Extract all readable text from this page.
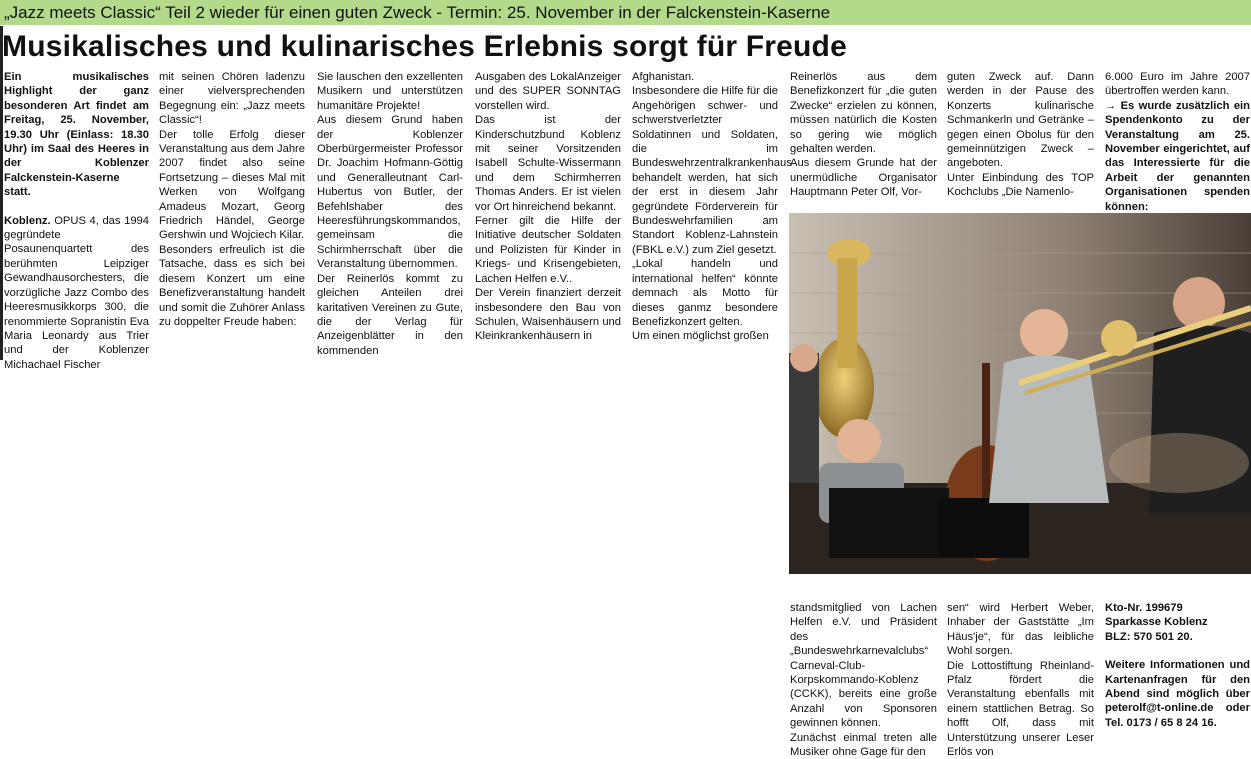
„Jazz meets Classic“ Teil 2 wieder für einen guten Zweck - Termin: 25. November in der Falckenstein-Kaserne
Musikalisches und kulinarisches Erlebnis sorgt für Freude

Ein musikalisches Highlight der ganz besonderen Art findet am Freitag, 25. November, 19.30 Uhr (Einlass: 18.30 Uhr) im Saal des Heeres in der Koblenzer Falckenstein-Kaserne statt.

Koblenz. OPUS 4, das 1994 gegründete Posaunenquartett des berühmten Leipziger Gewandhausorchesters, die vorzügliche Jazz Combo des Heeresmusikkorps 300, die renommierte Sopranistin Eva Maria Leonardy aus Trier und der Koblenzer Michachael Fischer

mit seinen Chören ladenzu einer vielversprechenden Begegnung ein: „Jazz meets Classic“!

Der tolle Erfolg dieser Veranstaltung aus dem Jahre 2007 findet also seine Fortsetzung – dieses Mal mit Werken von Wolfgang Amadeus Mozart, Georg Friedrich Händel, George Gershwin und Wojciech Kilar.

Besonders erfreulich ist die Tatsache, dass es sich bei diesem Konzert um eine Benefizveranstaltung handelt und somit die Zuhörer Anlass zu doppelter Freude haben:

Sie lauschen den exzellenten Musikern und unterstützen humanitäre Projekte!

Aus diesem Grund haben der Koblenzer Oberbürgermeister Professor Dr. Joachim Hofmann-Göttig und Generalleutnant Carl-Hubertus von Butler, der Befehlshaber des Heeresführungskommandos, gemeinsam die Schirmherrschaft über die Veranstaltung übernommen.

Der Reinerlös kommt zu gleichen Anteilen drei karitativen Vereinen zu Gute, die der Verlag für Anzeigenblätter in den kommenden

Ausgaben des LokalAnzeiger und des SUPER SONNTAG vorstellen wird.

Das ist der Kinderschutzbund Koblenz mit seiner Vorsitzenden Isabell Schulte-Wissermann und dem Schirmherren Thomas Anders. Er ist vielen vor Ort hinreichend bekannt.

Ferner gilt die Hilfe der Initiative deutscher Soldaten und Polizisten für Kinder in Kriegs- und Krisengebieten, Lachen Helfen e.V..

Der Verein finanziert derzeit insbesondere den Bau von Schulen, Waisenhäusern und Kleinkrankenhäusern in

Afghanistan.

Insbesondere die Hilfe für die Angehörigen schwer- und schwerstverletzter Soldatinnen und Soldaten, die im Bundeswehrzentralkrankenhaus behandelt werden, hat sich der erst in diesem Jahr gegründete Förderverein für Bundeswehrfamilien am Standort Koblenz-Lahnstein (FBKL e.V.) zum Ziel gesetzt.

„Lokal handeln und international helfen“ könnte demnach als Motto für dieses ganmz besondere Benefizkonzert gelten.

Um einen möglichst großen

Reinerlös aus dem Benefizkonzert für „die guten Zwecke“ erzielen zu können, müssen natürlich die Kosten so gering wie möglich gehalten werden.

Aus diesem Grunde hat der unermüdliche Organisator Hauptmann Peter Olf, Vor-

guten Zweck auf. Dann werden in der Pause des Konzerts kulinarische Schmankerln und Getränke – gegen einen Obolus für den gemeinnützigen Zweck – angeboten.

Unter Einbindung des TOP Kochclubs „Die Namenlo-

6.000 Euro im Jahre 2007 übertroffen werden kann.

→ Es wurde zusätzlich ein Spendenkonto zu der Veranstaltung am 25. November eingerichtet, auf das Interessierte für die Arbeit der genannten Organisationen spenden können:

standsmitglied von Lachen Helfen e.V. und Präsident des „Bundeswehrkarnevalclubs“ Carneval-Club-Korpskommando-Koblenz (CCKK), bereits eine große Anzahl von Sponsoren gewinnen können.

Zunächst einmal treten alle Musiker ohne Gage für den

sen“ wird Herbert Weber, Inhaber der Gaststätte „Im Häus'je“, für das leibliche Wohl sorgen.

Die Lottostiftung Rheinland-Pfalz fördert die Veranstaltung ebenfalls mit einem stattlichen Betrag. So hofft Olf, dass mit Unterstützung unserer Leser Erlös von

Kto-Nr. 199679

Sparkasse Koblenz

BLZ: 570 501 20.

Weitere Informationen und Kartenanfragen für den Abend sind möglich über peterolf@t-online.de oder Tel. 0173 / 65 8 24 16.
